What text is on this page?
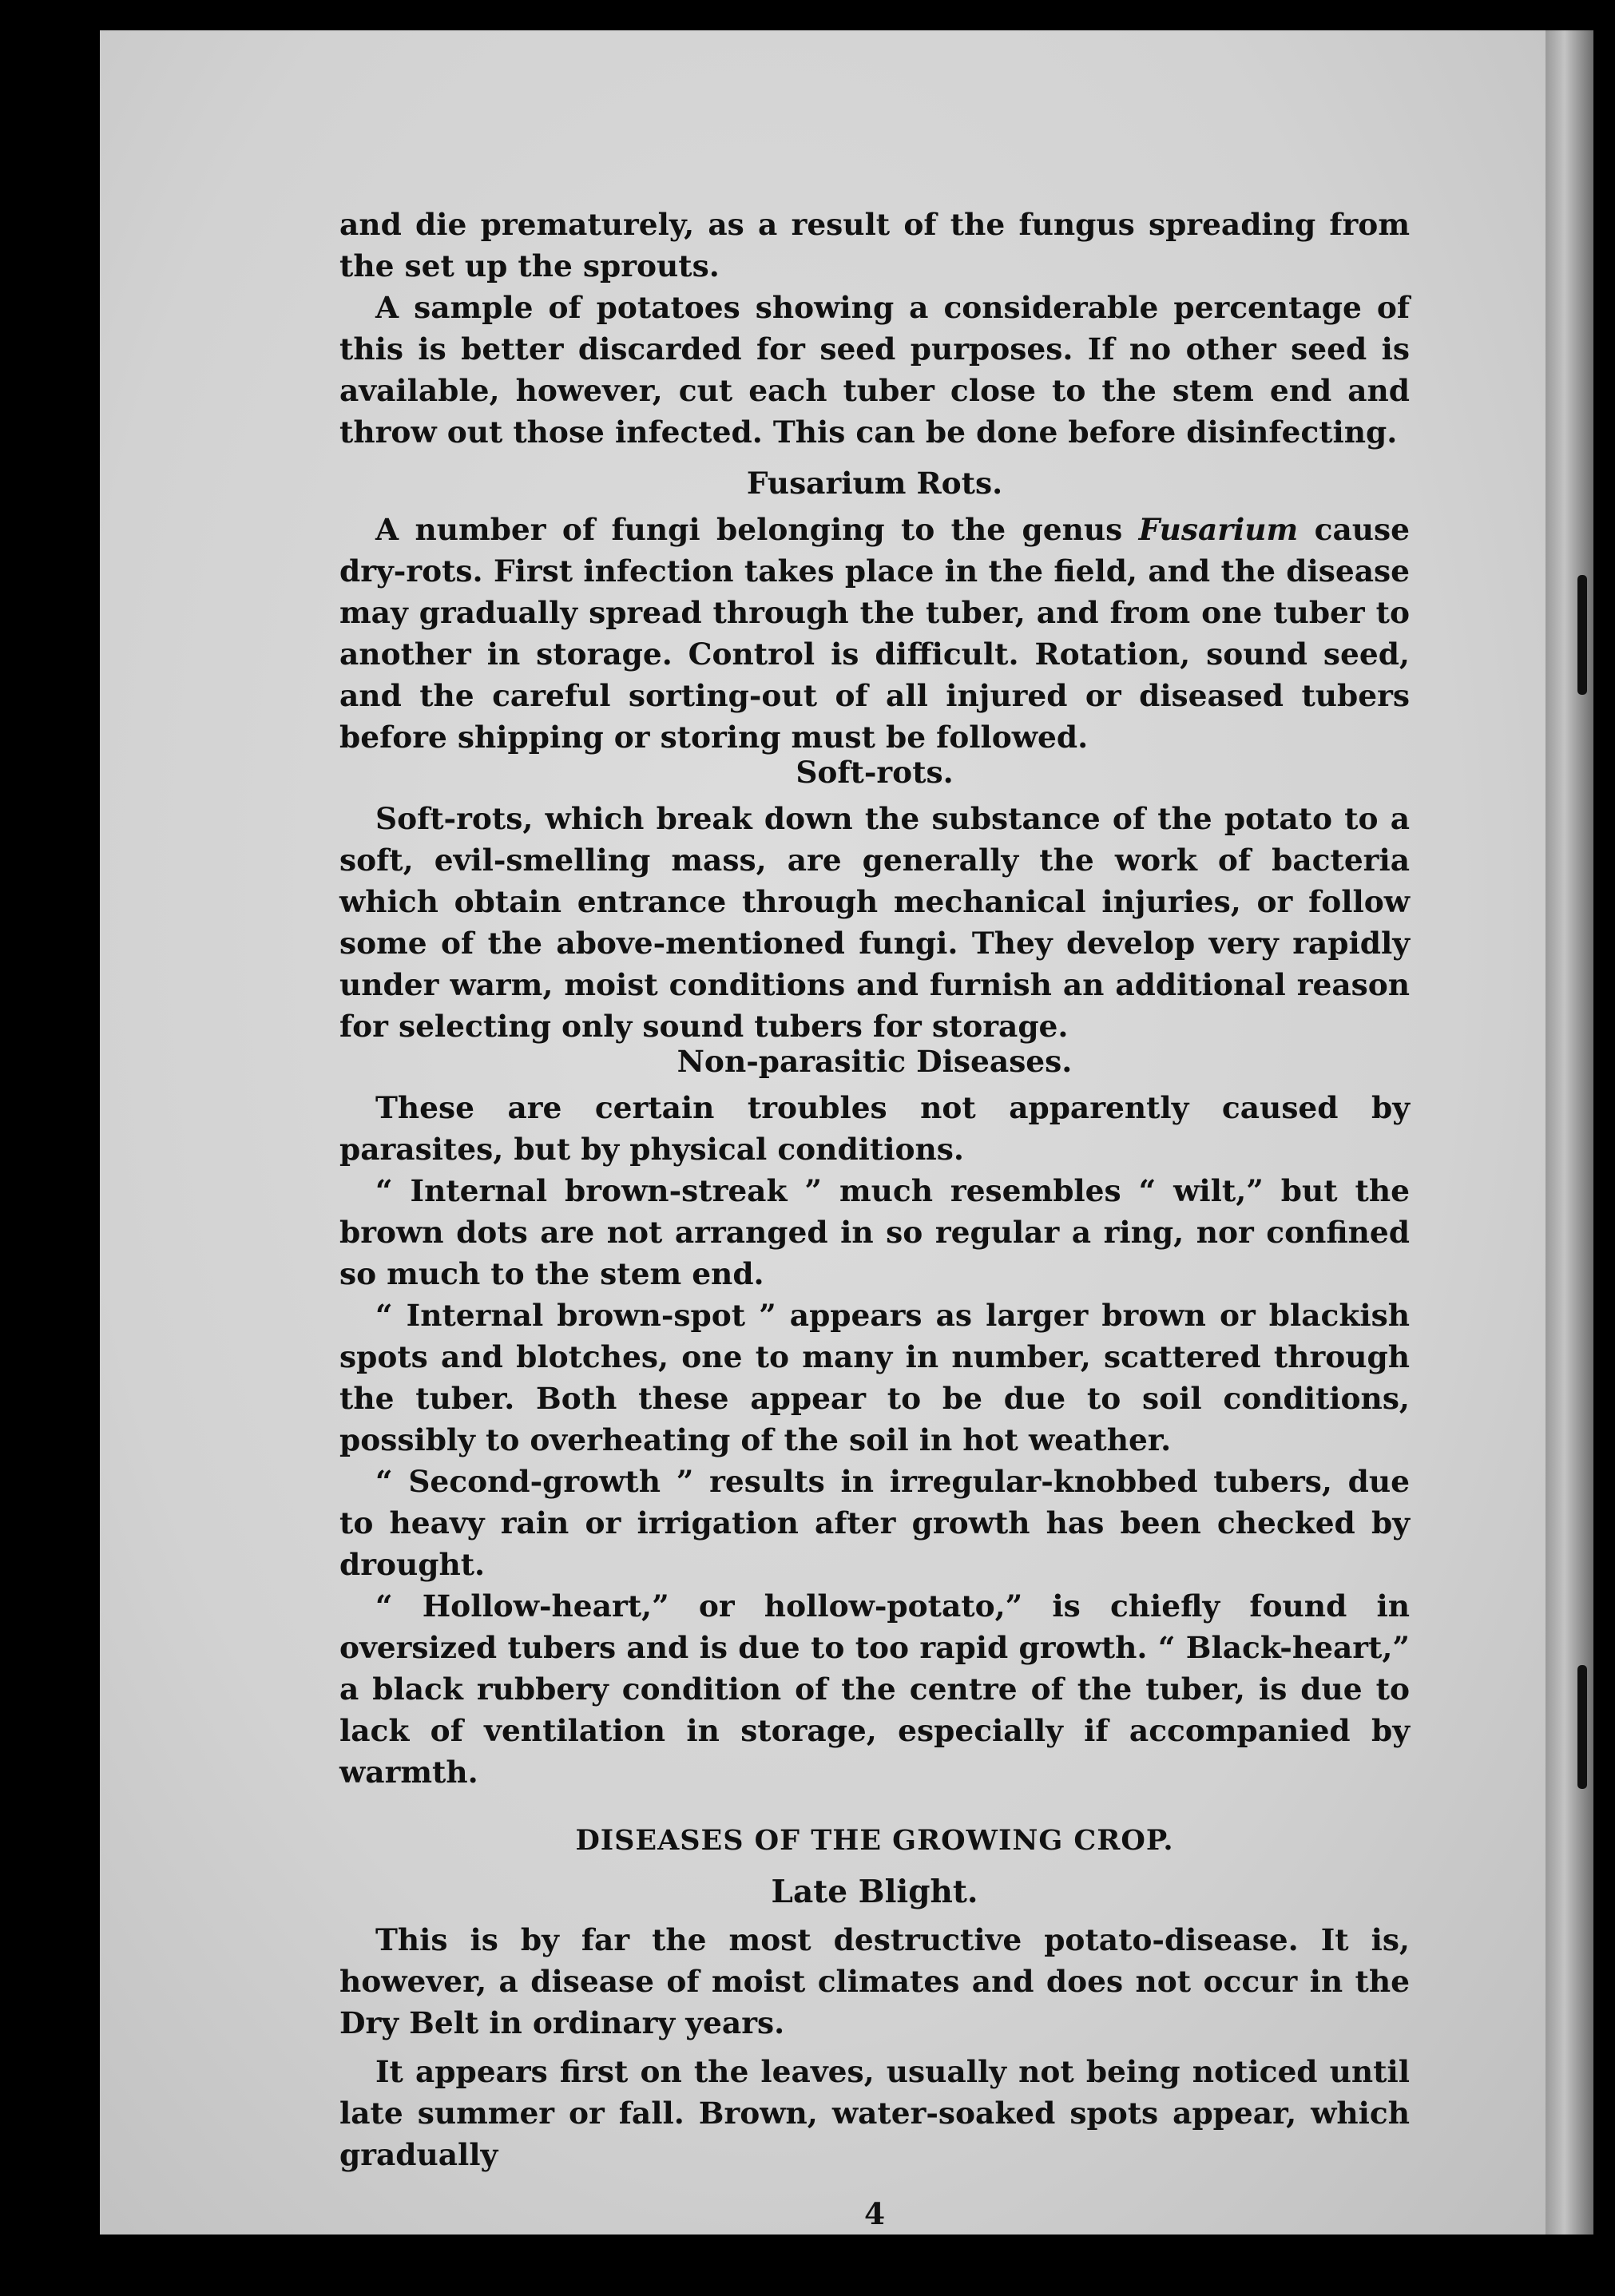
and die prematurely, as a result of the fungus spreading from the set up the sprouts.

A sample of potatoes showing a considerable percentage of this is better discarded for seed purposes. If no other seed is available, however, cut each tuber close to the stem end and throw out those infected. This can be done before disinfecting.

Fusarium Rots.

A number of fungi belonging to the genus Fusarium cause dry-rots. First infection takes place in the field, and the disease may gradually spread through the tuber, and from one tuber to another in storage. Control is difficult. Rotation, sound seed, and the careful sorting-out of all injured or diseased tubers before shipping or storing must be followed.

Soft-rots.

Soft-rots, which break down the substance of the potato to a soft, evil-smelling mass, are generally the work of bacteria which obtain entrance through mechanical injuries, or follow some of the above-mentioned fungi. They develop very rapidly under warm, moist conditions and furnish an additional reason for selecting only sound tubers for storage.

Non-parasitic Diseases.

These are certain troubles not apparently caused by parasites, but by physical conditions.

“ Internal brown-streak ” much resembles “ wilt,” but the brown dots are not arranged in so regular a ring, nor confined so much to the stem end.

“ Internal brown-spot ” appears as larger brown or blackish spots and blotches, one to many in number, scattered through the tuber. Both these appear to be due to soil conditions, possibly to overheating of the soil in hot weather.

“ Second-growth ” results in irregular-knobbed tubers, due to heavy rain or irrigation after growth has been checked by drought.

“ Hollow-heart,” or hollow-potato,” is chiefly found in oversized tubers and is due to too rapid growth. “ Black-heart,” a black rubbery condition of the centre of the tuber, is due to lack of ventilation in storage, especially if accompanied by warmth.

DISEASES OF THE GROWING CROP.
Late Blight.

This is by far the most destructive potato-disease. It is, however, a disease of moist climates and does not occur in the Dry Belt in ordinary years.

It appears first on the leaves, usually not being noticed until late summer or fall. Brown, water-soaked spots appear, which gradually

4
